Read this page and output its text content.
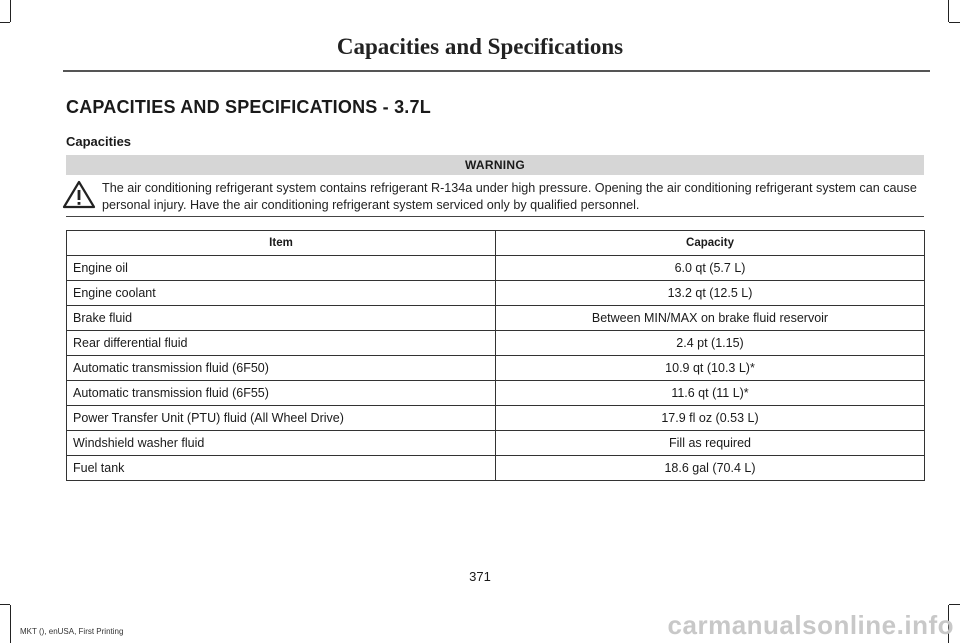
Capacities and Specifications
CAPACITIES AND SPECIFICATIONS - 3.7L
Capacities
WARNING
The air conditioning refrigerant system contains refrigerant R-134a under high pressure. Opening the air conditioning refrigerant system can cause personal injury. Have the air conditioning refrigerant system serviced only by qualified personnel.
Item	Capacity
Engine oil	6.0 qt (5.7 L)
Engine coolant	13.2 qt (12.5 L)
Brake fluid	Between MIN/MAX on brake fluid reservoir
Rear differential fluid	2.4 pt (1.15)
Automatic transmission fluid (6F50)	10.9 qt (10.3 L)*
Automatic transmission fluid (6F55)	11.6 qt (11 L)*
Power Transfer Unit (PTU) fluid (All Wheel Drive)	17.9 fl oz (0.53 L)
Windshield washer fluid	Fill as required
Fuel tank	18.6 gal (70.4 L)
371
MKT (), enUSA, First Printing	carmanualsonline.info
